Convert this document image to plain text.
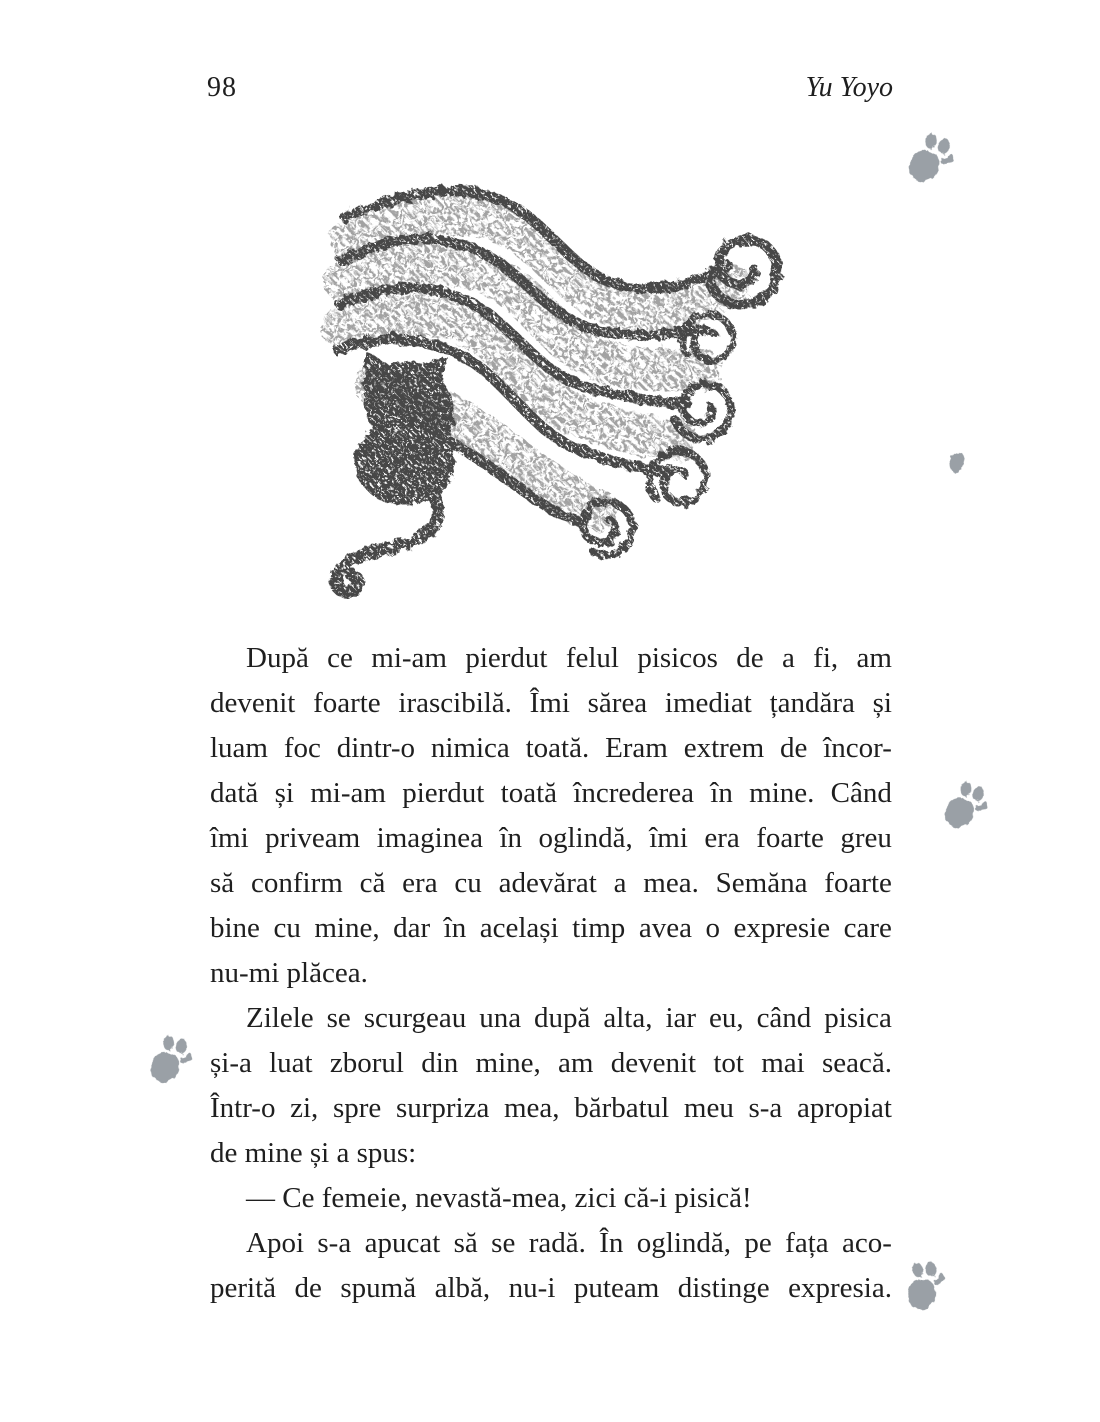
98	Yu Yoyo
După ce mi-am pierdut felul pisicos de a fi, am
devenit foarte irascibilă. Îmi sărea imediat țandăra și
luam foc dintr-o nimica toată. Eram extrem de încor-
dată și mi-am pierdut toată încrederea în mine. Când
îmi priveam imaginea în oglindă, îmi era foarte greu
să confirm că era cu adevărat a mea. Semăna foarte
bine cu mine, dar în același timp avea o expresie care
nu-mi plăcea.
Zilele se scurgeau una după alta, iar eu, când pisica
și-a luat zborul din mine, am devenit tot mai seacă.
Într-o zi, spre surpriza mea, bărbatul meu s-a apropiat
de mine și a spus:
— Ce femeie, nevastă-mea, zici că-i pisică!
Apoi s-a apucat să se radă. În oglindă, pe fața aco-
perită de spumă albă, nu-i puteam distinge expresia.
